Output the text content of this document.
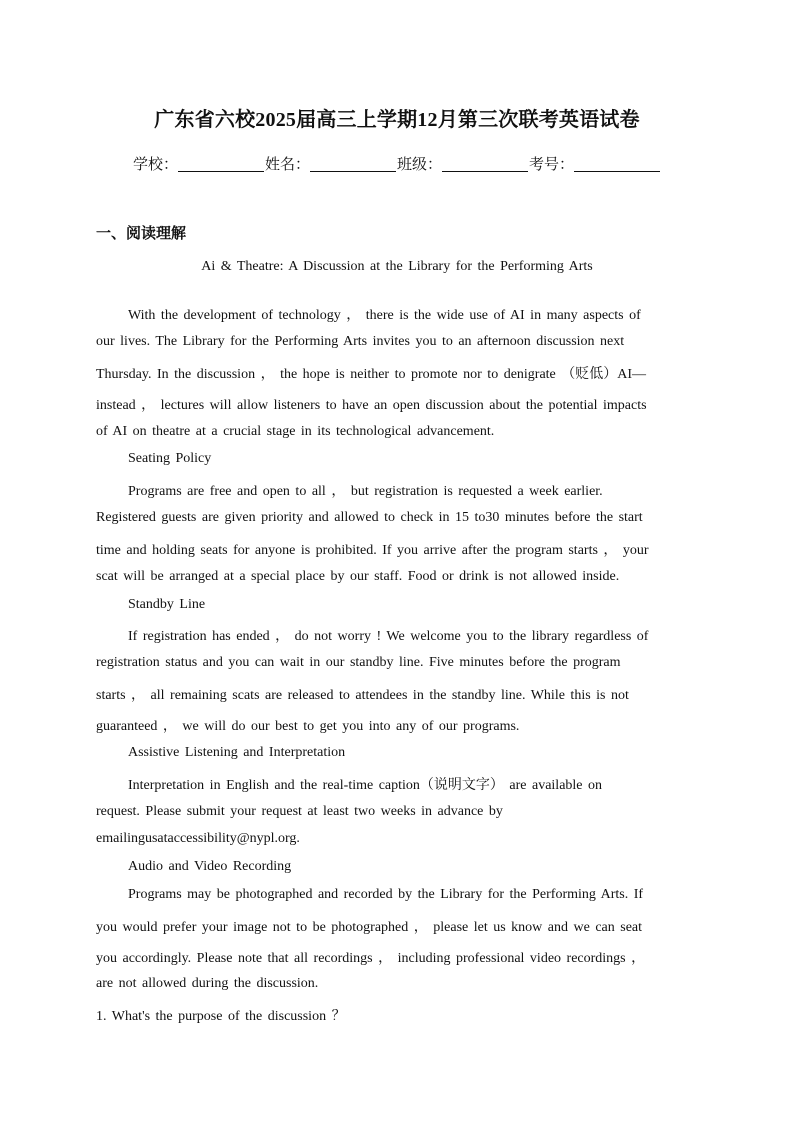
广东省六校2025届高三上学期12月第三次联考英语试卷
学校：	姓名：	班级：	考号：
一、阅读理解
Ai & Theatre: A Discussion at the Library for the Performing Arts
With the development of technology ， there is the wide use of AI in many aspects of
our lives. The Library for the Performing Arts invites you to an afternoon discussion next
Thursday. In the discussion ， the hope is neither to promote nor to denigrate （贬低）AI—
instead ， lectures will allow listeners to have an open discussion about the potential impacts
of AI on theatre at a crucial stage in its technological advancement.
Seating Policy
Programs are free and open to all ， but registration is requested a week earlier.
Registered guests are given priority and allowed to check in 15 to30 minutes before the start
time and holding seats for anyone is prohibited. If you arrive after the program starts ， your
scat will be arranged at a special place by our staff. Food or drink is not allowed inside.
Standby Line
If registration has ended ， do not worry ! We welcome you to the library regardless of
registration status and you can wait in our standby line. Five minutes before the program
starts ， all remaining scats are released to attendees in the standby line. While this is not
guaranteed ， we will do our best to get you into any of our programs.
Assistive Listening and Interpretation
Interpretation in English and the real-time caption（说明文字） are available on
request. Please submit your request at least two weeks in advance by
emailingusataccessibility@nypl.org.
Audio and Video Recording
Programs may be photographed and recorded by the Library for the Performing Arts. If
you would prefer your image not to be photographed ， please let us know and we can seat
you accordingly. Please note that all recordings ， including professional video recordings ，
are not allowed during the discussion.
1. What's the purpose of the discussion ？
